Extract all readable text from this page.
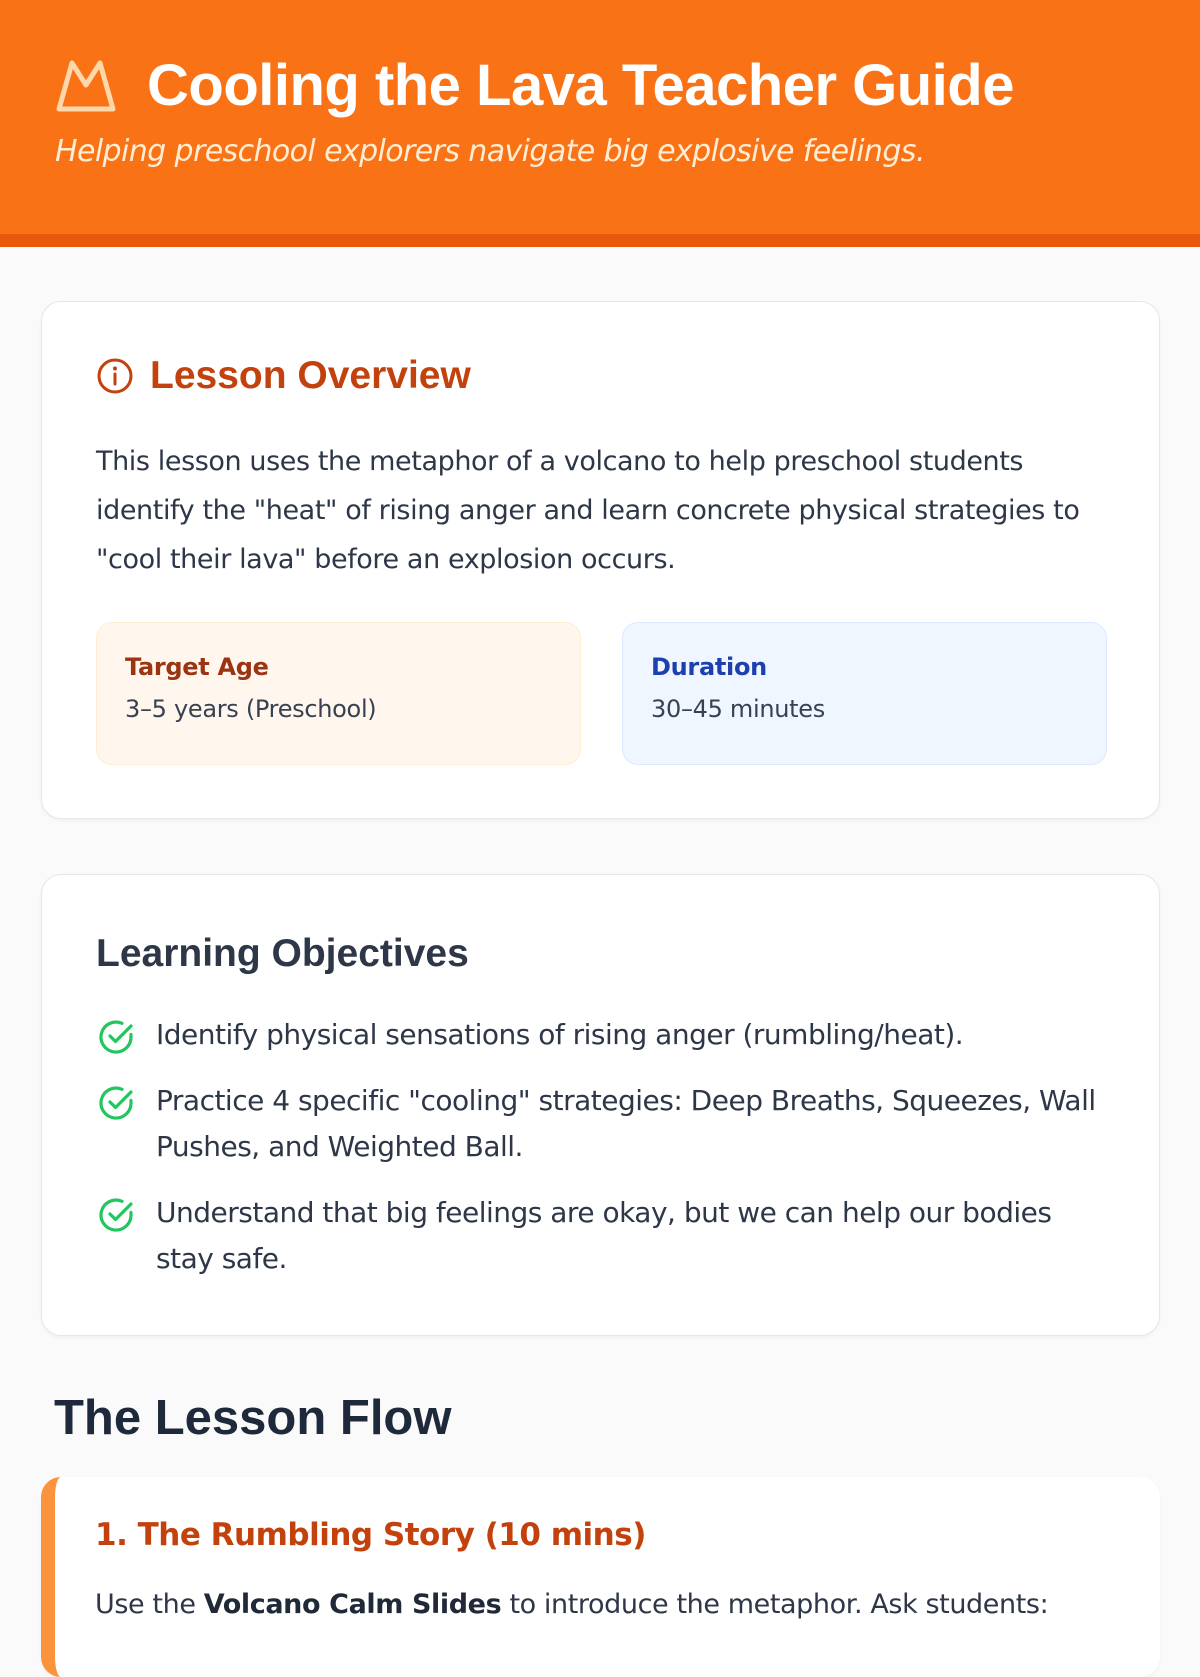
Cooling the Lava Teacher Guide
Helping preschool explorers navigate big explosive feelings.
Lesson Overview

This lesson uses the metaphor of a volcano to help preschool students identify the "heat" of rising anger and learn concrete physical strategies to "cool their lava" before an explosion occurs.

Target Age
3–5 years (Preschool)
Duration
30–45 minutes
Learning Objectives
Identify physical sensations of rising anger (rumbling/heat).
Practice 4 specific "cooling" strategies: Deep Breaths, Squeezes, Wall Pushes, and Weighted Ball.
Understand that big feelings are okay, but we can help our bodies stay safe.
The Lesson Flow
1. The Rumbling Story (10 mins)

Use the Volcano Calm Slides to introduce the metaphor. Ask students:
